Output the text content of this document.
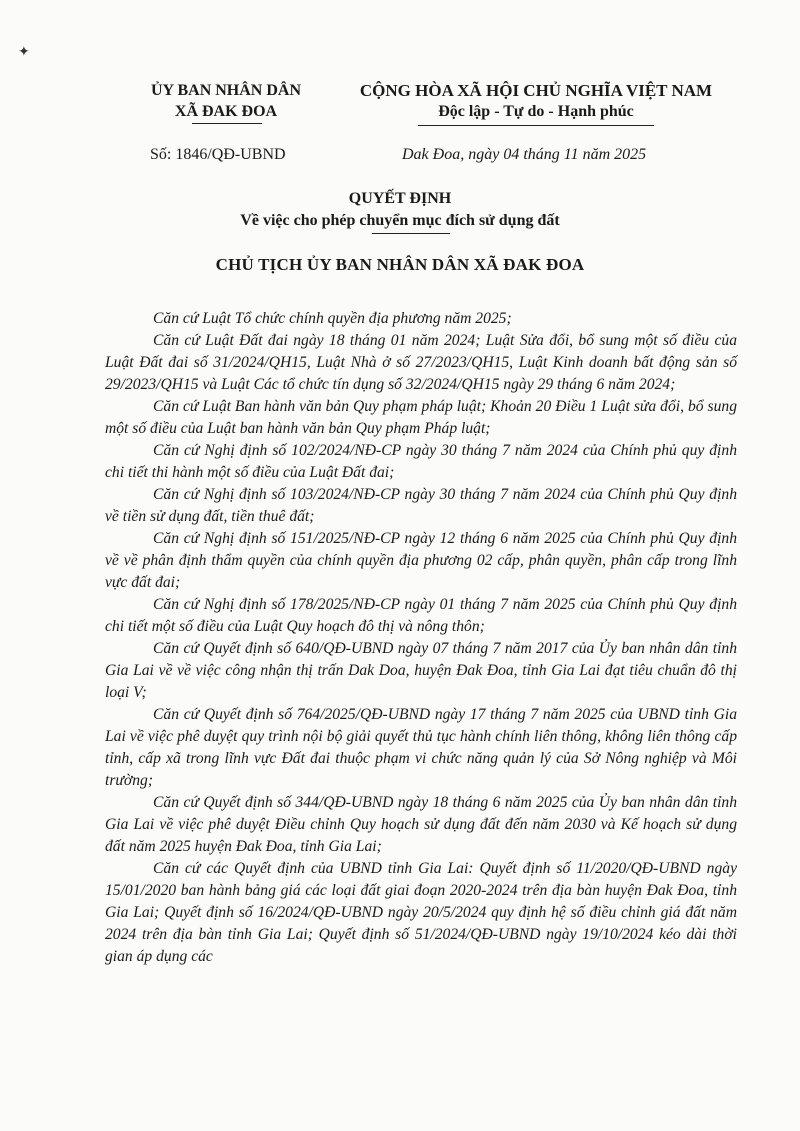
✦
ỦY BAN NHÂN DÂN
XÃ ĐAK ĐOA
CỘNG HÒA XÃ HỘI CHỦ NGHĨA VIỆT NAM
Độc lập - Tự do - Hạnh phúc
Số: 1846/QĐ-UBND	Dak Đoa, ngày 04 tháng 11 năm 2025
QUYẾT ĐỊNH
Về việc cho phép chuyển mục đích sử dụng đất
CHỦ TỊCH ỦY BAN NHÂN DÂN XÃ ĐAK ĐOA

Căn cứ Luật Tổ chức chính quyền địa phương năm 2025;

Căn cứ Luật Đất đai ngày 18 tháng 01 năm 2024; Luật Sửa đổi, bổ sung một số điều của Luật Đất đai số 31/2024/QH15, Luật Nhà ở số 27/2023/QH15, Luật Kinh doanh bất động sản số 29/2023/QH15 và Luật Các tổ chức tín dụng số 32/2024/QH15 ngày 29 tháng 6 năm 2024;

Căn cứ Luật Ban hành văn bản Quy phạm pháp luật; Khoản 20 Điều 1 Luật sửa đổi, bổ sung một số điều của Luật ban hành văn bản Quy phạm Pháp luật;

Căn cứ Nghị định số 102/2024/NĐ-CP ngày 30 tháng 7 năm 2024 của Chính phủ quy định chi tiết thi hành một số điều của Luật Đất đai;

Căn cứ Nghị định số 103/2024/NĐ-CP ngày 30 tháng 7 năm 2024 của Chính phủ Quy định về tiền sử dụng đất, tiền thuê đất;

Căn cứ Nghị định số 151/2025/NĐ-CP ngày 12 tháng 6 năm 2025 của Chính phủ Quy định về về phân định thẩm quyền của chính quyền địa phương 02 cấp, phân quyền, phân cấp trong lĩnh vực đất đai;

Căn cứ Nghị định số 178/2025/NĐ-CP ngày 01 tháng 7 năm 2025 của Chính phủ Quy định chi tiết một số điều của Luật Quy hoạch đô thị và nông thôn;

Căn cứ Quyết định số 640/QĐ-UBND ngày 07 tháng 7 năm 2017 của Ủy ban nhân dân tỉnh Gia Lai về về việc công nhận thị trấn Dak Doa, huyện Đak Đoa, tỉnh Gia Lai đạt tiêu chuẩn đô thị loại V;

Căn cứ Quyết định số 764/2025/QĐ-UBND ngày 17 tháng 7 năm 2025 của UBND tỉnh Gia Lai về việc phê duyệt quy trình nội bộ giải quyết thủ tục hành chính liên thông, không liên thông cấp tỉnh, cấp xã trong lĩnh vực Đất đai thuộc phạm vi chức năng quản lý của Sở Nông nghiệp và Môi trường;

Căn cứ Quyết định số 344/QĐ-UBND ngày 18 tháng 6 năm 2025 của Ủy ban nhân dân tỉnh Gia Lai về việc phê duyệt Điều chỉnh Quy hoạch sử dụng đất đến năm 2030 và Kế hoạch sử dụng đất năm 2025 huyện Đak Đoa, tỉnh Gia Lai;

Căn cứ các Quyết định của UBND tỉnh Gia Lai: Quyết định số 11/2020/QĐ-UBND ngày 15/01/2020 ban hành bảng giá các loại đất giai đoạn 2020-2024 trên địa bàn huyện Đak Đoa, tỉnh Gia Lai; Quyết định số 16/2024/QĐ-UBND ngày 20/5/2024 quy định hệ số điều chỉnh giá đất năm 2024 trên địa bàn tỉnh Gia Lai; Quyết định số 51/2024/QĐ-UBND ngày 19/10/2024 kéo dài thời gian áp dụng các
